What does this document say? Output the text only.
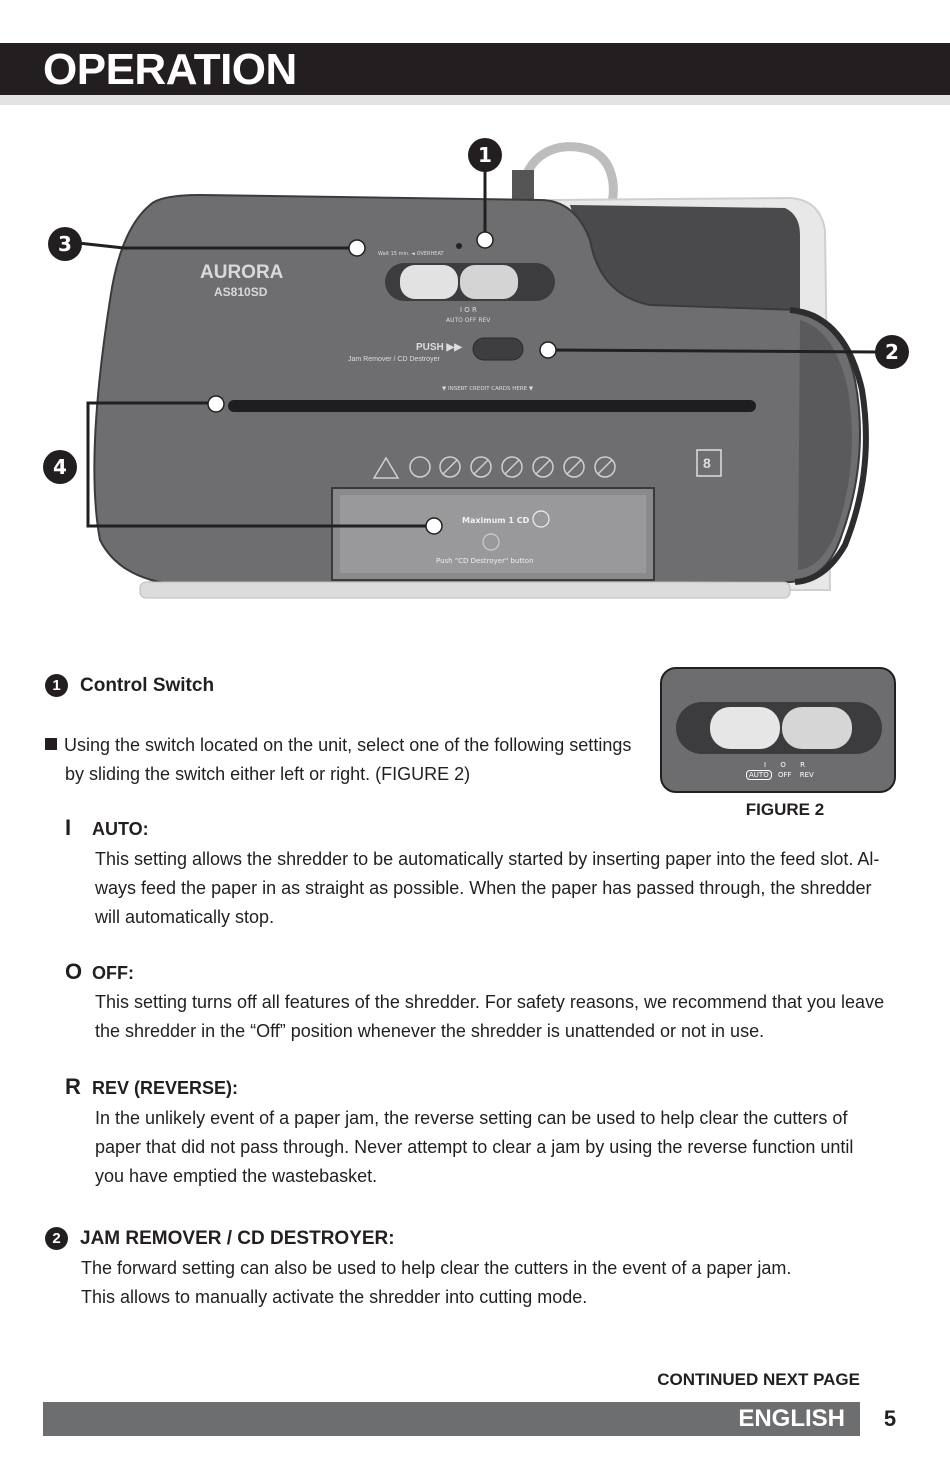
OPERATION
I O R
AUTO OFF REV
Wait 15 min. ◄ OVERHEAT
AURORA
AS810SD
PUSH ▶▶
Jam Remover / CD Destroyer
▼ INSERT CREDIT CARDS HERE ▼
8
Maximum 1 CD
Push "CD Destroyer" button
1
2
3
4
1	Control Switch
Using the switch located on the unit, select one of the following settings
by sliding the switch either left or right. (FIGURE 2)	I O R
AUTO OFF REV
FIGURE 2
I	AUTO:
This setting allows the shredder to be automatically started by inserting paper into the feed slot. Al-
ways feed the paper in as straight as possible. When the paper has passed through, the shredder
will automatically stop.
O OFF:
This setting turns off all features of the shredder. For safety reasons, we recommend that you leave
the shredder in the “Off” position whenever the shredder is unattended or not in use.
R REV (REVERSE):
In the unlikely event of a paper jam, the reverse setting can be used to help clear the cutters of
paper that did not pass through. Never attempt to clear a jam by using the reverse function until
you have emptied the wastebasket.
2	JAM REMOVER / CD DESTROYER:
The forward setting can also be used to help clear the cutters in the event of a paper jam.
This allows to manually activate the shredder into cutting mode.
CONTINUED NEXT PAGE
ENGLISH	5
